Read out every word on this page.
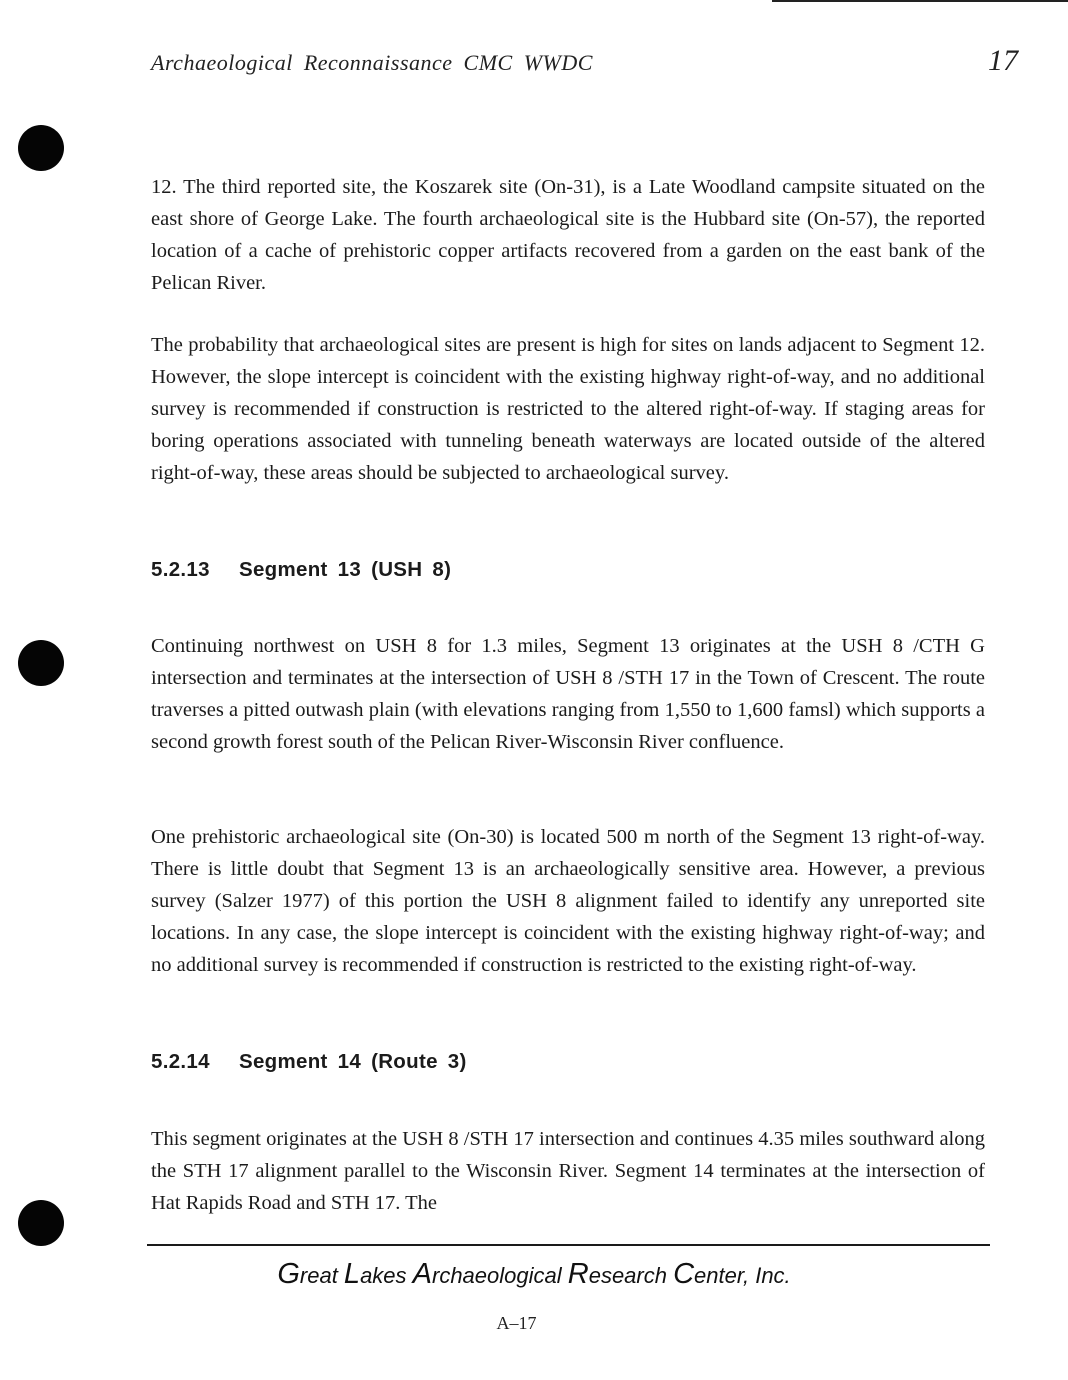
Archaeological Reconnaissance CMC WWDC	17
12. The third reported site, the Koszarek site (On-31), is a Late Woodland campsite situated on the east shore of George Lake. The fourth archaeological site is the Hubbard site (On-57), the reported location of a cache of prehistoric copper artifacts recovered from a garden on the east bank of the Pelican River.
The probability that archaeological sites are present is high for sites on lands adjacent to Segment 12. However, the slope intercept is coincident with the existing highway right-of-way, and no additional survey is recommended if construction is restricted to the altered right-of-way. If staging areas for boring operations associated with tunneling beneath waterways are located outside of the altered right-of-way, these areas should be subjected to archaeological survey.
5.2.13 Segment 13 (USH 8)
Continuing northwest on USH 8 for 1.3 miles, Segment 13 originates at the USH 8 /CTH G intersection and terminates at the intersection of USH 8 /STH 17 in the Town of Crescent. The route traverses a pitted outwash plain (with elevations ranging from 1,550 to 1,600 famsl) which supports a second growth forest south of the Pelican River-Wisconsin River confluence.
One prehistoric archaeological site (On-30) is located 500 m north of the Segment 13 right-of-way. There is little doubt that Segment 13 is an archaeologically sensitive area. However, a previous survey (Salzer 1977) of this portion the USH 8 alignment failed to identify any unreported site locations. In any case, the slope intercept is coincident with the existing highway right-of-way; and no additional survey is recommended if construction is restricted to the existing right-of-way.
5.2.14 Segment 14 (Route 3)
This segment originates at the USH 8 /STH 17 intersection and continues 4.35 miles southward along the STH 17 alignment parallel to the Wisconsin River. Segment 14 terminates at the intersection of Hat Rapids Road and STH 17. The
Great Lakes Archaeological Research Center, Inc.
A–17
